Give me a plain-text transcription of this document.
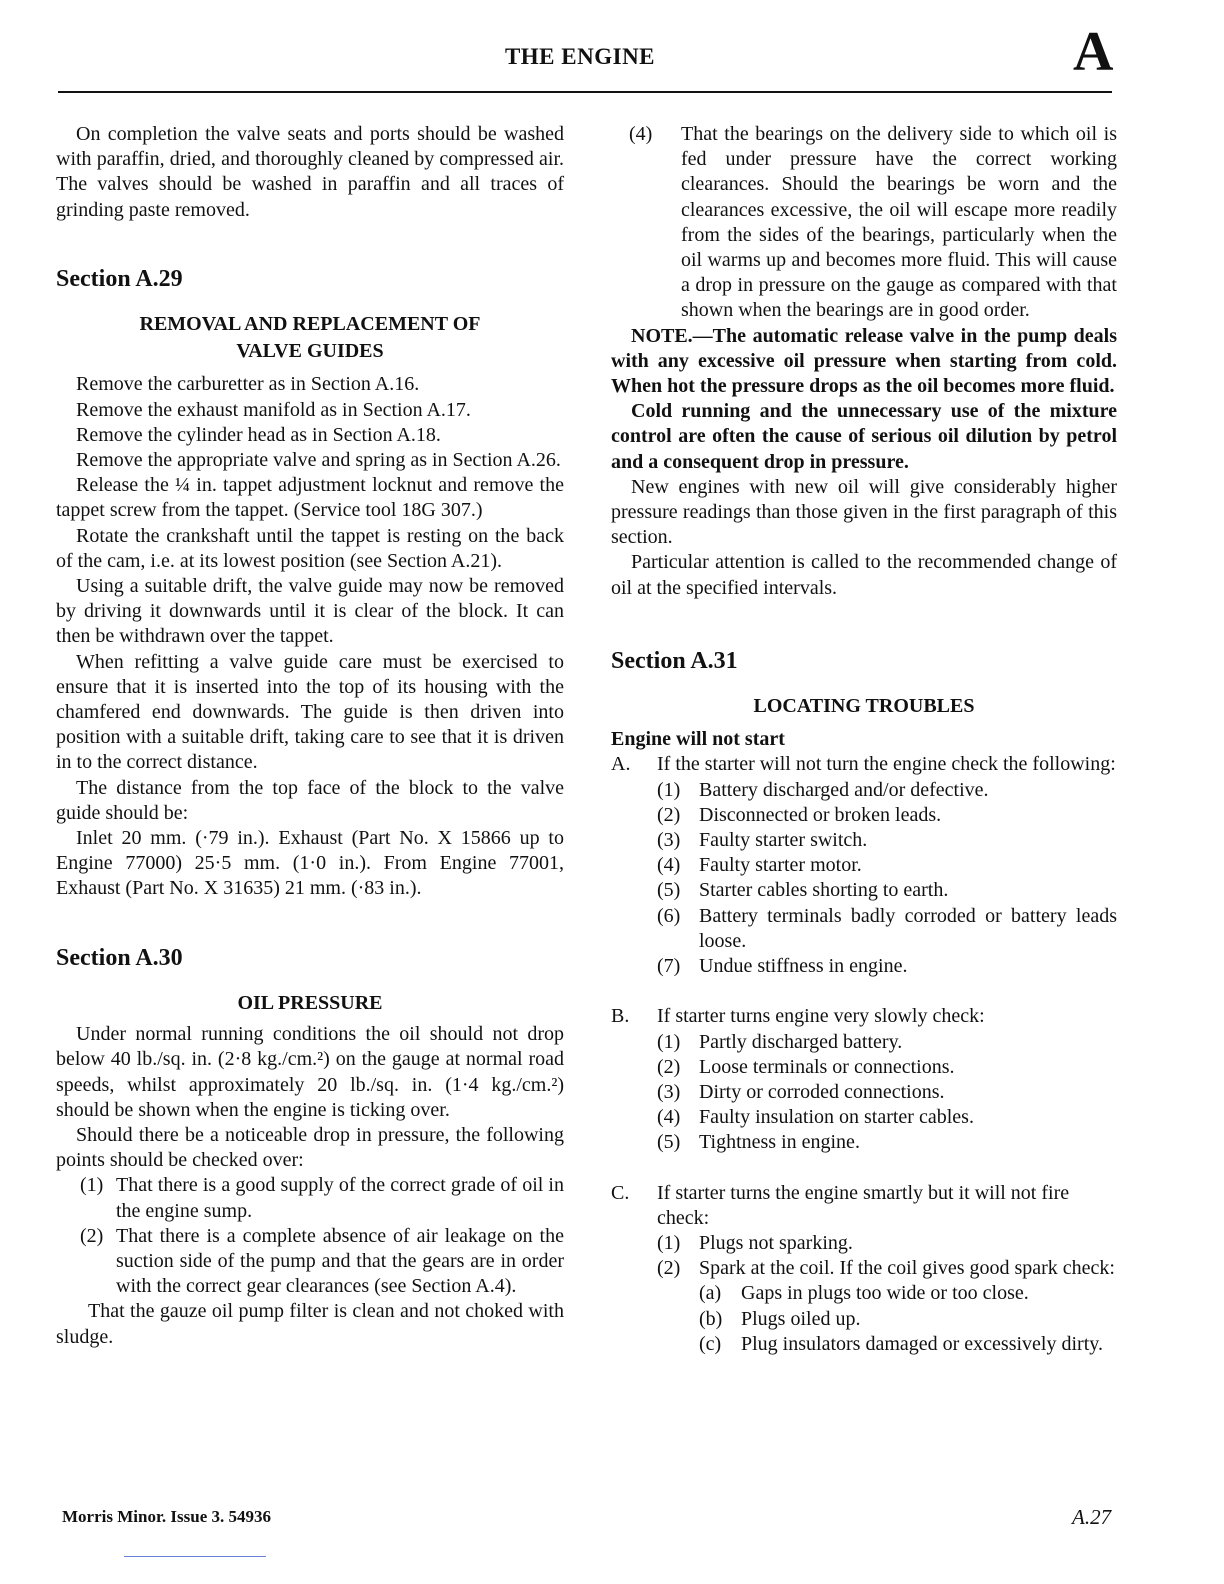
THE ENGINE	A

On completion the valve seats and ports should be washed with paraffin, dried, and thoroughly cleaned by compressed air. The valves should be washed in paraffin and all traces of grinding paste removed.

Section A.29
REMOVAL AND REPLACEMENT OF
VALVE GUIDES

Remove the carburetter as in Section A.16.

Remove the exhaust manifold as in Section A.17.

Remove the cylinder head as in Section A.18.

Remove the appropriate valve and spring as in Section A.26.

Release the ¼ in. tappet adjustment locknut and remove the tappet screw from the tappet. (Service tool 18G 307.)

Rotate the crankshaft until the tappet is resting on the back of the cam, i.e. at its lowest position (see Section A.21).

Using a suitable drift, the valve guide may now be removed by driving it downwards until it is clear of the block. It can then be withdrawn over the tappet.

When refitting a valve guide care must be exercised to ensure that it is inserted into the top of its housing with the chamfered end downwards. The guide is then driven into position with a suitable drift, taking care to see that it is driven in to the correct distance.

The distance from the top face of the block to the valve guide should be:

Inlet 20 mm. (·79 in.). Exhaust (Part No. X 15866 up to Engine 77000) 25·5 mm. (1·0 in.). From Engine 77001, Exhaust (Part No. X 31635) 21 mm. (·83 in.).

Section A.30
OIL PRESSURE

Under normal running conditions the oil should not drop below 40 lb./sq. in. (2·8 kg./cm.²) on the gauge at normal road speeds, whilst approximately 20 lb./sq. in. (1·4 kg./cm.²) should be shown when the engine is ticking over.

Should there be a noticeable drop in pressure, the following points should be checked over:

(1) That there is a good supply of the correct grade of oil in the engine sump.
(2) That there is a complete absence of air leakage on the suction side of the pump and that the gears are in order with the correct gear clearances (see Section A.4).

That the gauze oil pump filter is clean and not choked with sludge.

(4)	That the bearings on the delivery side to which oil is fed under pressure have the correct working clearances. Should the bearings be worn and the clearances excessive, the oil will escape more readily from the sides of the bearings, particularly when the oil warms up and becomes more fluid. This will cause a drop in pressure on the gauge as compared with that shown when the bearings are in good order.

NOTE.—The automatic release valve in the pump deals with any excessive oil pressure when starting from cold. When hot the pressure drops as the oil becomes more fluid.

Cold running and the unnecessary use of the mixture control are often the cause of serious oil dilution by petrol and a consequent drop in pressure.

New engines with new oil will give considerably higher pressure readings than those given in the first paragraph of this section.

Particular attention is called to the recommended change of oil at the specified intervals.

Section A.31
LOCATING TROUBLES
Engine will not start
A.	If the starter will not turn the engine check the following:
(1) Battery discharged and/or defective.
(2) Disconnected or broken leads.
(3) Faulty starter switch.
(4) Faulty starter motor.
(5) Starter cables shorting to earth.
(6) Battery terminals badly corroded or battery leads loose.
(7) Undue stiffness in engine.
B.	If starter turns engine very slowly check:
(1) Partly discharged battery.
(2) Loose terminals or connections.
(3) Dirty or corroded connections.
(4) Faulty insulation on starter cables.
(5) Tightness in engine.
C.	If starter turns the engine smartly but it will not fire check:
(1) Plugs not sparking.
(2) Spark at the coil. If the coil gives good spark check:
(a) Gaps in plugs too wide or too close.
(b) Plugs oiled up.
(c) Plug insulators damaged or excessively dirty.
Morris Minor. Issue 3. 54936	A.27
